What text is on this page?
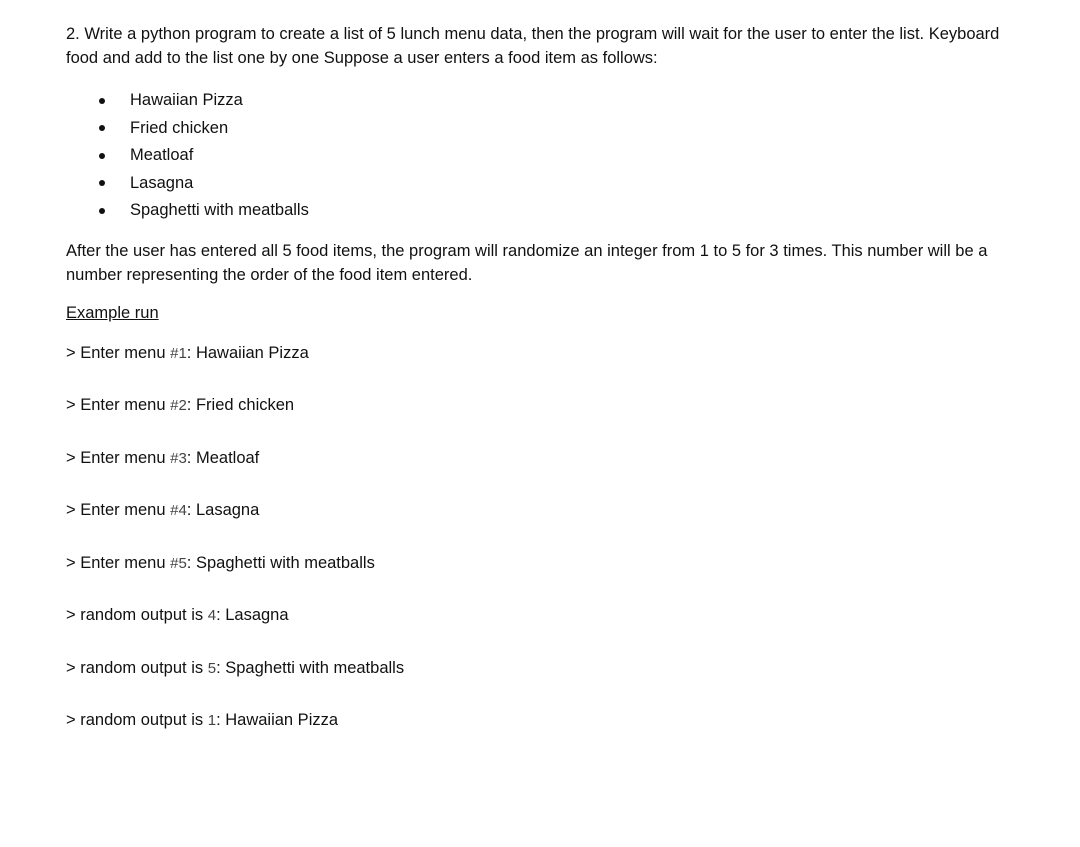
2. Write a python program to create a list of 5 lunch menu data, then the program will wait for the user to enter the list. Keyboard food and add to the list one by one Suppose a user enters a food item as follows:

Hawaiian Pizza
Fried chicken
Meatloaf
Lasagna
Spaghetti with meatballs

After the user has entered all 5 food items, the program will randomize an integer from 1 to 5 for 3 times. This number will be a number representing the order of the food item entered.

Example run
> Enter menu #1: Hawaiian Pizza
> Enter menu #2: Fried chicken
> Enter menu #3: Meatloaf
> Enter menu #4: Lasagna
> Enter menu #5: Spaghetti with meatballs
> random output is 4: Lasagna
> random output is 5: Spaghetti with meatballs
> random output is 1: Hawaiian Pizza
